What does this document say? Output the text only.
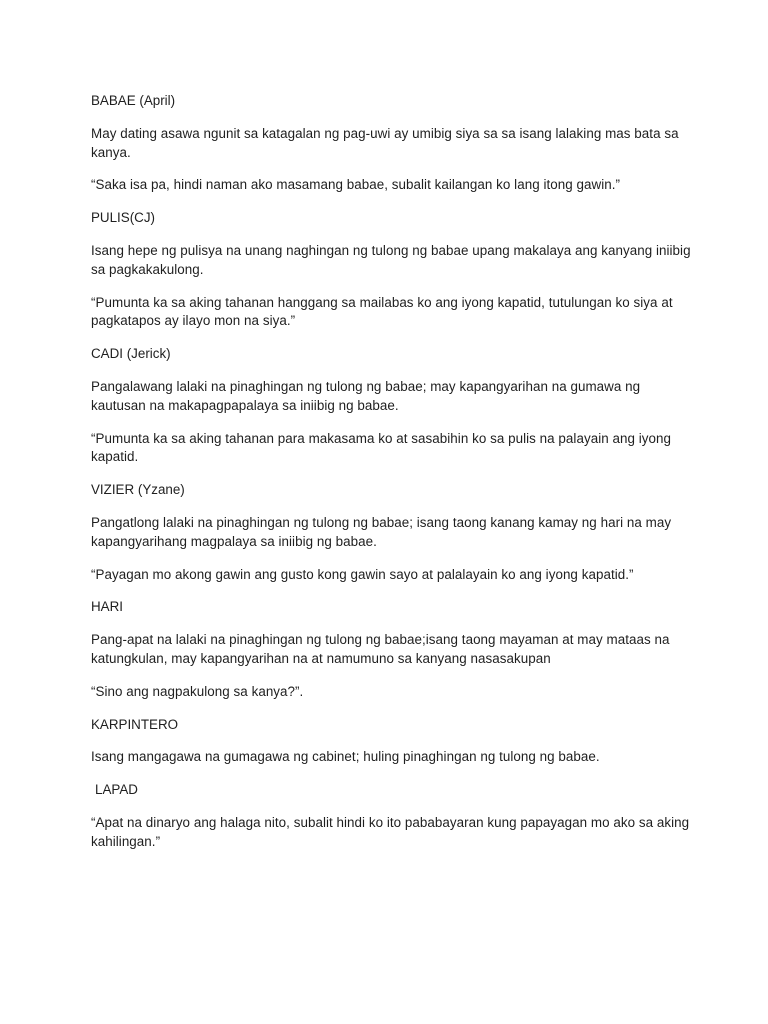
BABAE (April)

May dating asawa ngunit sa katagalan ng pag-uwi ay umibig siya sa sa isang lalaking mas bata sa kanya.

“Saka isa pa, hindi naman ako masamang babae, subalit kailangan ko lang itong gawin.”

PULIS(CJ)

Isang hepe ng pulisya na unang naghingan ng tulong ng babae upang makalaya ang kanyang iniibig sa pagkakakulong.

“Pumunta ka sa aking tahanan hanggang sa mailabas ko ang iyong kapatid, tutulungan ko siya at pagkatapos ay ilayo mon na siya.”

CADI (Jerick)

Pangalawang lalaki na pinaghingan ng tulong ng babae; may kapangyarihan na gumawa ng kautusan na makapagpapalaya sa iniibig ng babae.

“Pumunta ka sa aking tahanan para makasama ko at sasabihin ko sa pulis na palayain ang iyong kapatid.

VIZIER (Yzane)

Pangatlong lalaki na pinaghingan ng tulong ng babae; isang taong kanang kamay ng hari na may kapangyarihang magpalaya sa iniibig ng babae.

“Payagan mo akong gawin ang gusto kong gawin sayo at palalayain ko ang iyong kapatid.”

HARI

Pang-apat na lalaki na pinaghingan ng tulong ng babae;isang taong mayaman at may mataas na katungkulan, may kapangyarihan na at namumuno sa kanyang nasasakupan

“Sino ang nagpakulong sa kanya?”.

KARPINTERO

Isang mangagawa na gumagawa ng cabinet; huling pinaghingan ng tulong ng babae.

LAPAD

“Apat na dinaryo ang halaga nito, subalit hindi ko ito pababayaran kung papayagan mo ako sa aking kahilingan.”
